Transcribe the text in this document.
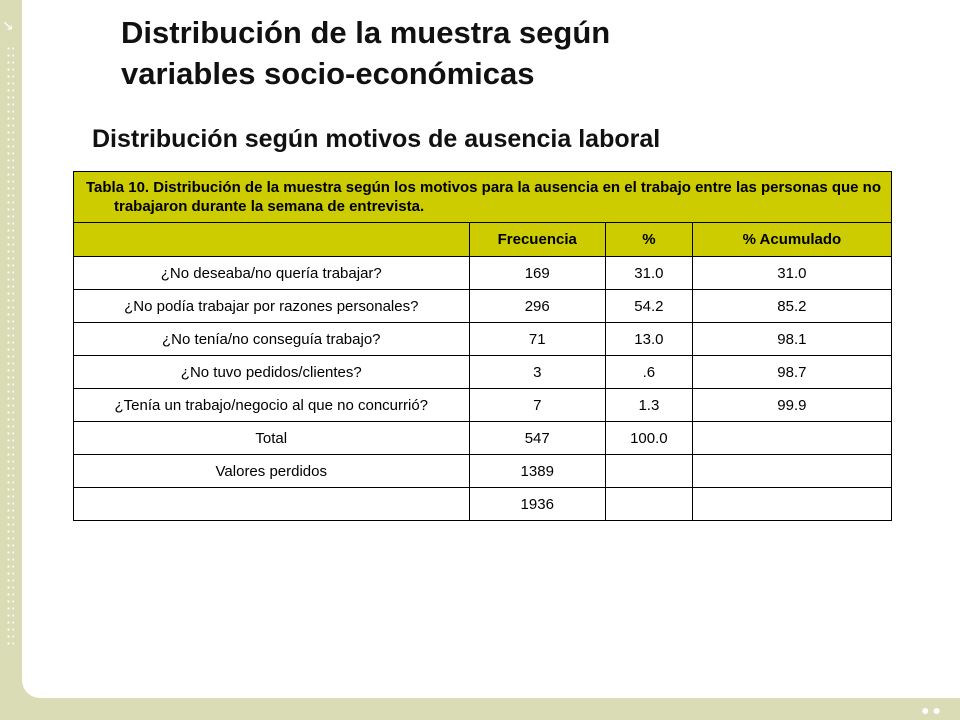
↘	Distribución de la muestra según
variables socio-económicas
Distribución según motivos de ausencia laboral
Tabla 10. Distribución de la muestra según los motivos para la ausencia en el trabajo entre las personas que no trabajaron durante la semana de entrevista.			
	Frecuencia	%	% Acumulado
¿No deseaba/no quería trabajar?	169	31.0	31.0
¿No podía trabajar por razones personales?	296	54.2	85.2
¿No tenía/no conseguía trabajo?	71	13.0	98.1
¿No tuvo pedidos/clientes?	3	.6	98.7
¿Tenía un trabajo/negocio al que no concurrió?	7	1.3	99.9
Total	547	100.0	
Valores perdidos	1389		
	1936		
●●
